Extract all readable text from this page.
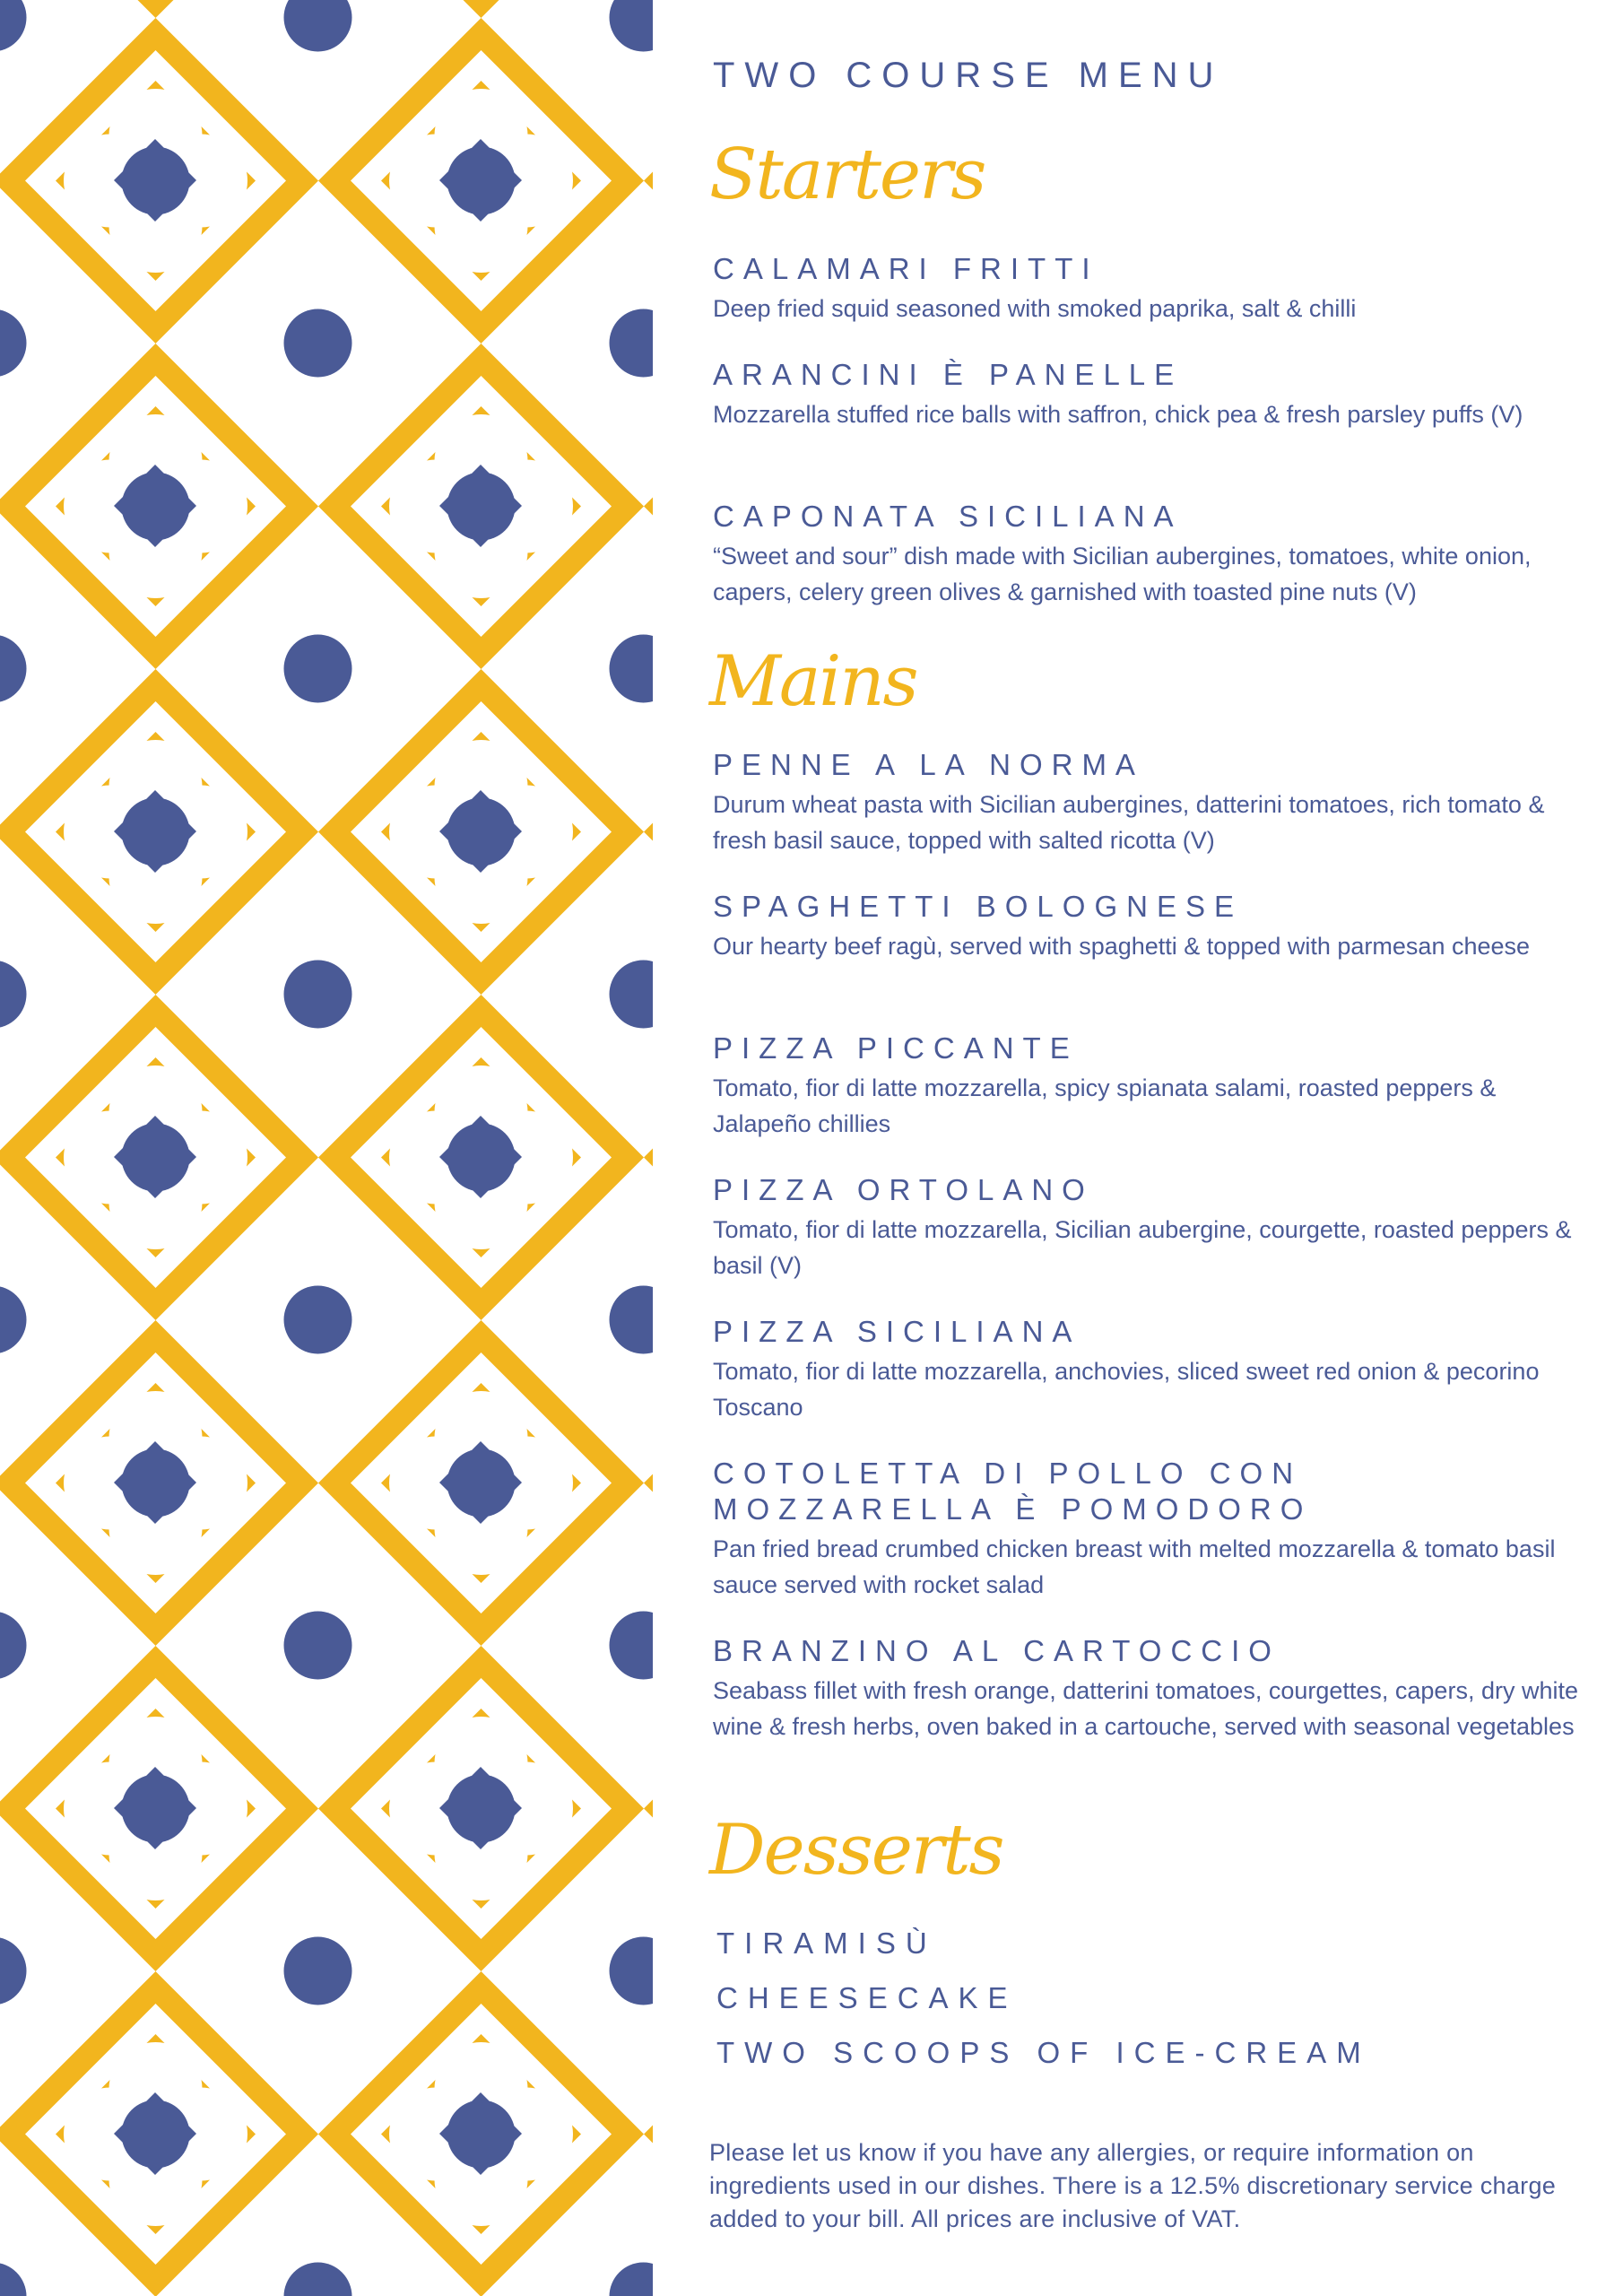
TWO COURSE MENU
Starters
CALAMARI FRITTI
Deep fried squid seasoned with smoked paprika, salt & chilli
ARANCINI È PANELLE
Mozzarella stuffed rice balls with saffron, chick pea & fresh parsley puffs (V)
CAPONATA SICILIANA
“Sweet and sour” dish made with Sicilian aubergines, tomatoes, white onion, capers, celery green olives & garnished with toasted pine nuts (V)
Mains
PENNE A LA NORMA
Durum wheat pasta with Sicilian aubergines, datterini tomatoes, rich tomato & fresh basil sauce, topped with salted ricotta (V)
SPAGHETTI BOLOGNESE
Our hearty beef ragù, served with spaghetti & topped with parmesan cheese
PIZZA PICCANTE
Tomato, fior di latte mozzarella, spicy spianata salami, roasted peppers & Jalapeño chillies
PIZZA ORTOLANO
Tomato, fior di latte mozzarella, Sicilian aubergine, courgette, roasted peppers & basil (V)
PIZZA SICILIANA
Tomato, fior di latte mozzarella, anchovies, sliced sweet red onion & pecorino Toscano
COTOLETTA DI POLLO CON
MOZZARELLA È POMODORO
Pan fried bread crumbed chicken breast with melted mozzarella & tomato basil sauce served with rocket salad
BRANZINO AL CARTOCCIO
Seabass fillet with fresh orange, datterini tomatoes, courgettes, capers, dry white wine & fresh herbs, oven baked in a cartouche, served with seasonal vegetables
Desserts
TIRAMISÙ
CHEESECAKE
TWO SCOOPS OF ICE-CREAM
Please let us know if you have any allergies, or require information on ingredients used in our dishes. There is a 12.5% discretionary service charge added to your bill. All prices are inclusive of VAT.
